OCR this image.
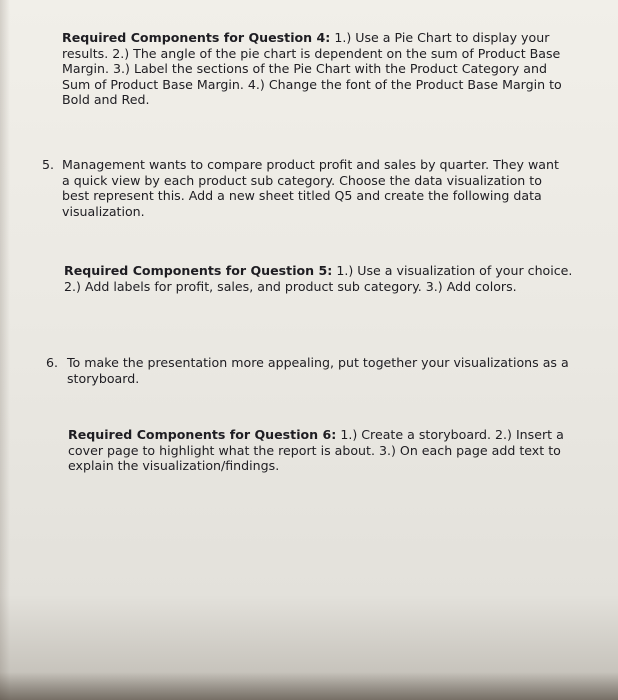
Required Components for Question 4: 1.) Use a Pie Chart to display your

results. 2.) The angle of the pie chart is dependent on the sum of Product Base

Margin. 3.) Label the sections of the Pie Chart with the Product Category and

Sum of Product Base Margin. 4.) Change the font of the Product Base Margin to

Bold and Red.

5. Management wants to compare product profit and sales by quarter. They want

a quick view by each product sub category. Choose the data visualization to

best represent this. Add a new sheet titled Q5 and create the following data

visualization.

Required Components for Question 5: 1.) Use a visualization of your choice.

2.) Add labels for profit, sales, and product sub category. 3.) Add colors.

6. To make the presentation more appealing, put together your visualizations as a

storyboard.

Required Components for Question 6: 1.) Create a storyboard. 2.) Insert a

cover page to highlight what the report is about. 3.) On each page add text to

explain the visualization/findings.
